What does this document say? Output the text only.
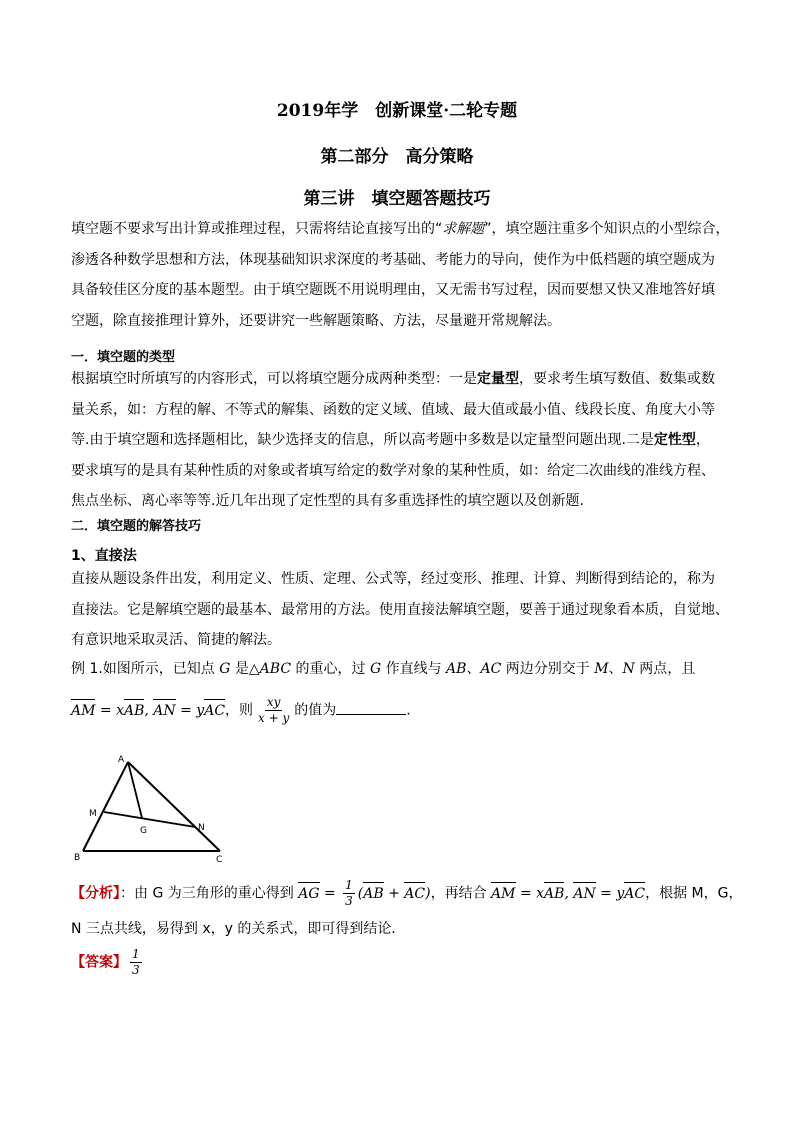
2019年学　创新课堂·二轮专题
第二部分　高分策略
第三讲　填空题答题技巧
填空题不要求写出计算或推理过程，只需将结论直接写出的“求解题”，填空题注重多个知识点的小型综合，
渗透各种数学思想和方法，体现基础知识求深度的考基础、考能力的导向，使作为中低档题的填空题成为
具备较佳区分度的基本题型。由于填空题既不用说明理由，又无需书写过程，因而要想又快又准地答好填
空题，除直接推理计算外，还要讲究一些解题策略、方法，尽量避开常规解法。
一．填空题的类型
根据填空时所填写的内容形式，可以将填空题分成两种类型：一是定量型，要求考生填写数值、数集或数
量关系，如：方程的解、不等式的解集、函数的定义域、值域、最大值或最小值、线段长度、角度大小等
等.由于填空题和选择题相比，缺少选择支的信息，所以高考题中多数是以定量型问题出现.二是定性型，
要求填写的是具有某种性质的对象或者填写给定的数学对象的某种性质，如：给定二次曲线的准线方程、
焦点坐标、离心率等等.近几年出现了定性型的具有多重选择性的填空题以及创新题.
二．填空题的解答技巧
1、直接法
直接从题设条件出发，利用定义、性质、定理、公式等，经过变形、推理、计算、判断得到结论的，称为
直接法。它是解填空题的最基本、最常用的方法。使用直接法解填空题，要善于通过现象看本质，自觉地、
有意识地采取灵活、简捷的解法。
例 1.如图所示，已知点 G 是△ABC 的重心，过 G 作直线与 AB、AC 两边分别交于 M、N 两点，且
AM = xAB, AN = yAC，则 $\frac{xy}{x + y}$ 的值为	.
A
B	C
M
N
G
【分析】：由 G 为三角形的重心得到 AG = $\frac{1}{3} (AB + AC)$，再结合 AM = xAB, AN = yAC，根据 M，G，
N 三点共线，易得到 x，y 的关系式，即可得到结论．
【答案】 $\frac{1}{3}$
